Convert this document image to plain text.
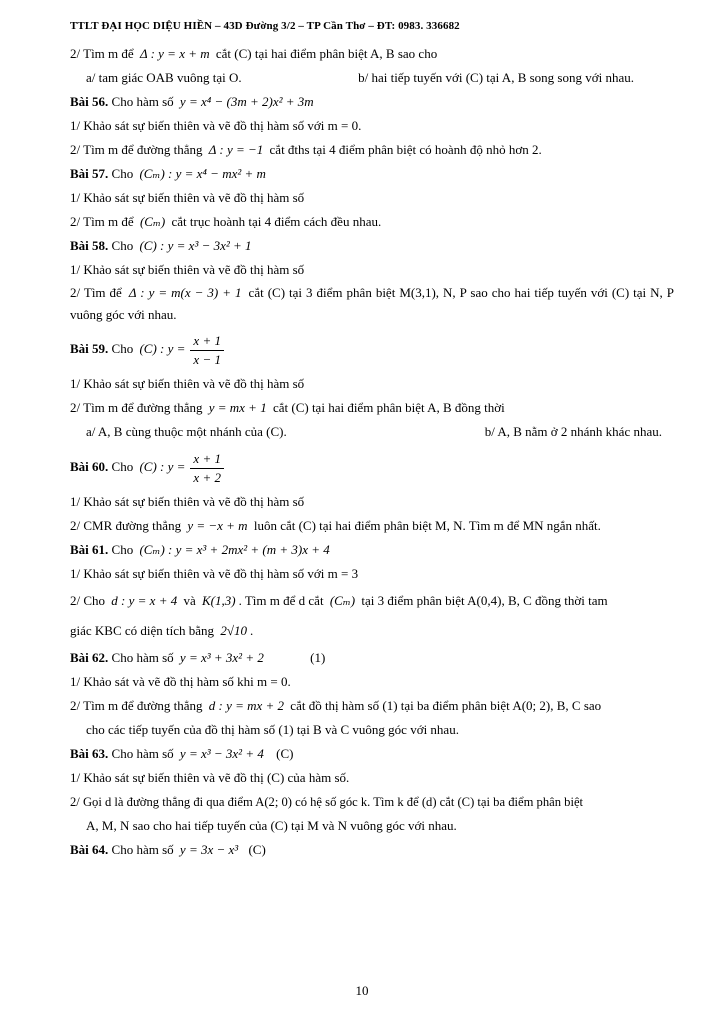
TTLT ĐẠI HỌC DIỆU HIỀN – 43D Đường 3/2 – TP Cần Thơ – ĐT: 0983. 336682
2/ Tìm m để Δ : y = x + m cắt (C) tại hai điểm phân biệt A, B sao cho
a/ tam giác OAB vuông tại O.	b/ hai tiếp tuyến với (C) tại A, B song song với nhau.
Bài 56. Cho hàm số y = x⁴ − (3m + 2)x² + 3m
1/ Khảo sát sự biến thiên và vẽ đồ thị hàm số với m = 0.
2/ Tìm m để đường thẳng Δ : y = −1 cắt đths tại 4 điểm phân biệt có hoành độ nhỏ hơn 2.
Bài 57. Cho (Cₘ) : y = x⁴ − mx² + m
1/ Khảo sát sự biến thiên và vẽ đồ thị hàm số
2/ Tìm m để (Cₘ) cắt trục hoành tại 4 điểm cách đều nhau.
Bài 58. Cho (C) : y = x³ − 3x² + 1
1/ Khảo sát sự biến thiên và vẽ đồ thị hàm số
2/ Tìm để Δ : y = m(x − 3) + 1 cắt (C) tại 3 điểm phân biệt M(3,1), N, P sao cho hai tiếp tuyến với (C) tại N, P vuông góc với nhau.
Bài 59. Cho (C) : $y = \frac{x + 1}{x - 1}$
1/ Khảo sát sự biến thiên và vẽ đồ thị hàm số
2/ Tìm m để đường thẳng y = mx + 1 cắt (C) tại hai điểm phân biệt A, B đồng thời
a/ A, B cùng thuộc một nhánh của (C).	b/ A, B nằm ở 2 nhánh khác nhau.
Bài 60. Cho (C) : $y = \frac{x + 1}{x + 2}$
1/ Khảo sát sự biến thiên và vẽ đồ thị hàm số
2/ CMR đường thẳng y = −x + m luôn cắt (C) tại hai điểm phân biệt M, N. Tìm m để MN ngắn nhất.
Bài 61. Cho (Cₘ) : y = x³ + 2mx² + (m + 3)x + 4
1/ Khảo sát sự biến thiên và vẽ đồ thị hàm số với m = 3
2/ Cho d : y = x + 4 và K(1,3) . Tìm m để d cắt (Cₘ) tại 3 điểm phân biệt A(0,4), B, C đồng thời tam
giác KBC có diện tích bằng 2√10 .
Bài 62. Cho hàm số y = x³ + 3x² + 2	(1)
1/ Khảo sát và vẽ đồ thị hàm số khi m = 0.
2/ Tìm m để đường thẳng d : y = mx + 2 cắt đồ thị hàm số (1) tại ba điểm phân biệt A(0; 2), B, C sao
cho các tiếp tuyến của đồ thị hàm số (1) tại B và C vuông góc với nhau.
Bài 63. Cho hàm số y = x³ − 3x² + 4 (C)
1/ Khảo sát sự biến thiên và vẽ đồ thị (C) của hàm số.
2/ Gọi d là đường thẳng đi qua điểm A(2; 0) có hệ số góc k. Tìm k để (d) cắt (C) tại ba điểm phân biệt
A, M, N sao cho hai tiếp tuyến của (C) tại M và N vuông góc với nhau.
Bài 64. Cho hàm số y = 3x − x³ (C)
10
